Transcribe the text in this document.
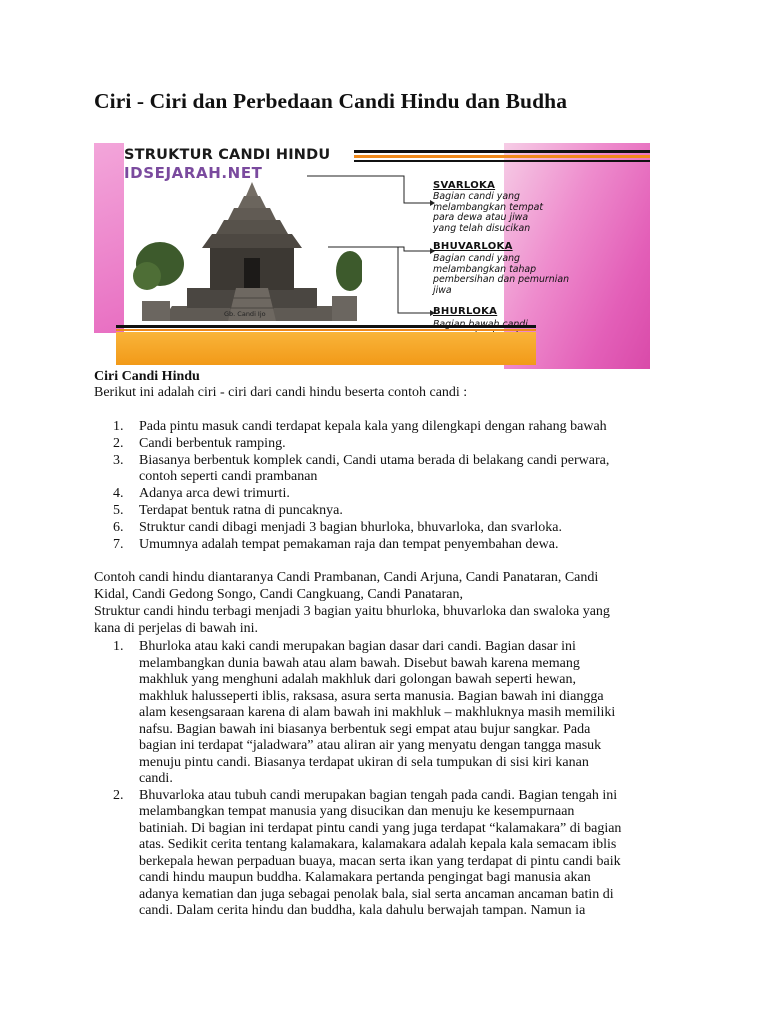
Ciri - Ciri dan Perbedaan Candi Hindu dan Budha
STRUKTUR CANDI HINDU
IDSEJARAH.NET
Gb. Candi Ijo
SVARLOKA
Bagian candi yang
melambangkan tempat
para dewa atau jiwa
yang telah disucikan
BHUVARLOKA
Bagian candi yang
melambangkan tahap
pembersihan dan pemurnian
jiwa
BHURLOKA
Ciri Candi Hindu
Berikut ini adalah ciri - ciri dari candi hindu beserta contoh candi :
1. Pada pintu masuk candi terdapat kepala kala yang dilengkapi dengan rahang bawah
2. Candi berbentuk ramping.
3. Biasanya berbentuk komplek candi, Candi utama berada di belakang candi perwara,
contoh seperti candi prambanan
4. Adanya arca dewi trimurti.
5. Terdapat bentuk ratna di puncaknya.
6. Struktur candi dibagi menjadi 3 bagian bhurloka, bhuvarloka, dan svarloka.
7. Umumnya adalah tempat pemakaman raja dan tempat penyembahan dewa.
Contoh candi hindu diantaranya Candi Prambanan, Candi Arjuna, Candi Panataran, Candi
Kidal, Candi Gedong Songo, Candi Cangkuang, Candi Panataran,
Struktur candi hindu terbagi menjadi 3 bagian yaitu bhurloka, bhuvarloka dan swaloka yang
kana di perjelas di bawah ini.
1. Bhurloka atau kaki candi merupakan bagian dasar dari candi. Bagian dasar ini
melambangkan dunia bawah atau alam bawah. Disebut bawah karena memang
makhluk yang menghuni adalah makhluk dari golongan bawah seperti hewan,
makhluk halusseperti iblis, raksasa, asura serta manusia. Bagian bawah ini diangga
alam kesengsaraan karena di alam bawah ini makhluk – makhluknya masih memiliki
nafsu. Bagian bawah ini biasanya berbentuk segi empat atau bujur sangkar. Pada
bagian ini terdapat “jaladwara” atau aliran air yang menyatu dengan tangga masuk
menuju pintu candi. Biasanya terdapat ukiran di sela tumpukan di sisi kiri kanan
candi.
2. Bhuvarloka atau tubuh candi merupakan bagian tengah pada candi. Bagian tengah ini
melambangkan tempat manusia yang disucikan dan menuju ke kesempurnaan
batiniah. Di bagian ini terdapat pintu candi yang juga terdapat “kalamakara” di bagian
atas. Sedikit cerita tentang kalamakara, kalamakara adalah kepala kala semacam iblis
berkepala hewan perpaduan buaya, macan serta ikan yang terdapat di pintu candi baik
candi hindu maupun buddha. Kalamakara pertanda pengingat bagi manusia akan
adanya kematian dan juga sebagai penolak bala, sial serta ancaman ancaman batin di
candi. Dalam cerita hindu dan buddha, kala dahulu berwajah tampan. Namun ia
